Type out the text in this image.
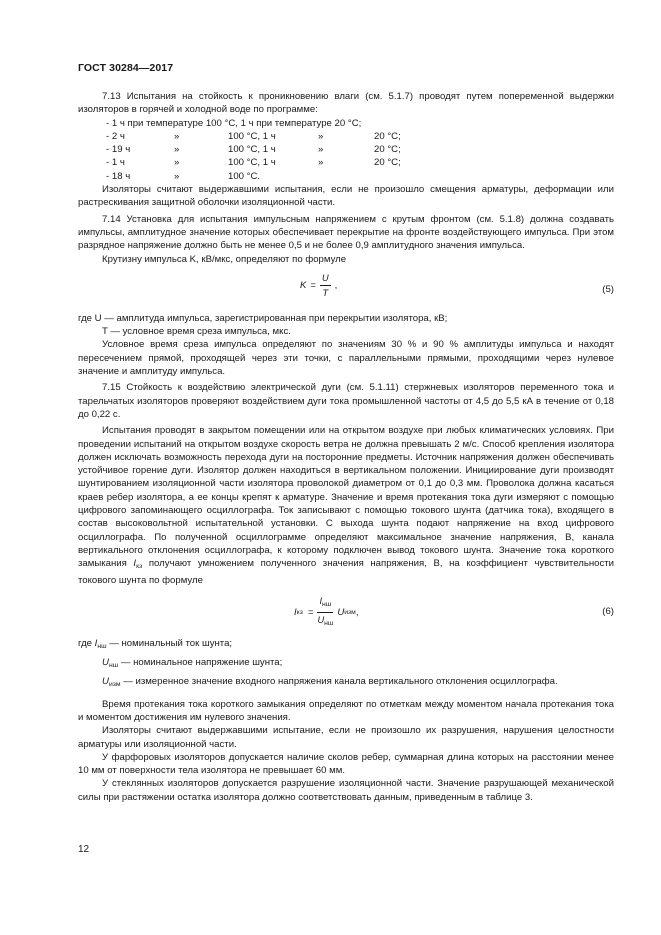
ГОСТ 30284—2017

7.13 Испытания на стойкость к проникновению влаги (см. 5.1.7) проводят путем попеременной выдержки изоляторов в горячей и холодной воде по программе:

- 1 ч при температуре 100 °С, 1 ч при температуре 20 °С;
- 2 ч	»	100 °С, 1 ч	»	20 °С;
- 19 ч	»	100 °С, 1 ч	»	20 °С;
- 1 ч	»	100 °С, 1 ч	»	20 °С;
- 18 ч	»	100 °С.

Изоляторы считают выдержавшими испытания, если не произошло смещения арматуры, деформации или растрескивания защитной оболочки изоляционной части.

7.14 Установка для испытания импульсным напряжением с крутым фронтом (см. 5.1.8) должна создавать импульсы, амплитудное значение которых обеспечивает перекрытие на фронте воздействующего импульса. При этом разрядное напряжение должно быть не менее 0,5 и не более 0,9 амплитудного значения импульса.

Крутизну импульса K, кВ/мкс, определяют по формуле

$K = \frac{U}{T}$ ,	(5)

где U — амплитуда импульса, зарегистрированная при перекрытии изолятора, кВ;

T — условное время среза импульса, мкс.

Условное время среза импульса определяют по значениям 30 % и 90 % амплитуды импульса и находят пересечением прямой, проходящей через эти точки, с параллельными прямыми, проходящими через нулевое значение и амплитуду импульса.

7.15 Стойкость к воздействию электрической дуги (см. 5.1.11) стержневых изоляторов переменного тока и тарельчатых изоляторов проверяют воздействием дуги тока промышленной частоты от 4,5 до 5,5 кА в течение от 0,18 до 0,22 с.

Испытания проводят в закрытом помещении или на открытом воздухе при любых климатических условиях. При проведении испытаний на открытом воздухе скорость ветра не должна превышать 2 м/с. Способ крепления изолятора должен исключать возможность перехода дуги на посторонние предметы. Источник напряжения должен обеспечивать устойчивое горение дуги. Изолятор должен находиться в вертикальном положении. Инициирование дуги производят шунтированием изоляционной части изолятора проволокой диаметром от 0,1 до 0,3 мм. Проволока должна касаться краев ребер изолятора, а ее концы крепят к арматуре. Значение и время протекания тока дуги измеряют с помощью цифрового запоминающего осциллографа. Ток записывают с помощью токового шунта (датчика тока), входящего в состав высоковольтной испытательной установки. С выхода шунта подают напряжение на вход цифрового осциллографа. По полученной осциллограмме определяют максимальное значение напряжения, В, канала вертикального отклонения осциллографа, к которому подключен вывод токового шунта. Значение тока короткого замыкания $I_{кз}$ получают умножением полученного значения напряжения, В, на коэффициент чувствительности токового шунта по формуле

I кз = $\frac{I_{нш}}{U_{нш}}$ U изм ,	(6)

где $I_{нш}$ — номинальный ток шунта;

$U_{нш}$ — номинальное напряжение шунта;

$U_{изм}$ — измеренное значение входного напряжения канала вертикального отклонения осциллографа.

Время протекания тока короткого замыкания определяют по отметкам между моментом начала протекания тока и моментом достижения им нулевого значения.

Изоляторы считают выдержавшими испытание, если не произошло их разрушения, нарушения целостности арматуры или изоляционной части.

У фарфоровых изоляторов допускается наличие сколов ребер, суммарная длина которых на расстоянии менее 10 мм от поверхности тела изолятора не превышает 60 мм.

У стеклянных изоляторов допускается разрушение изоляционной части. Значение разрушающей механической силы при растяжении остатка изолятора должно соответствовать данным, приведенным в таблице 3.

12
